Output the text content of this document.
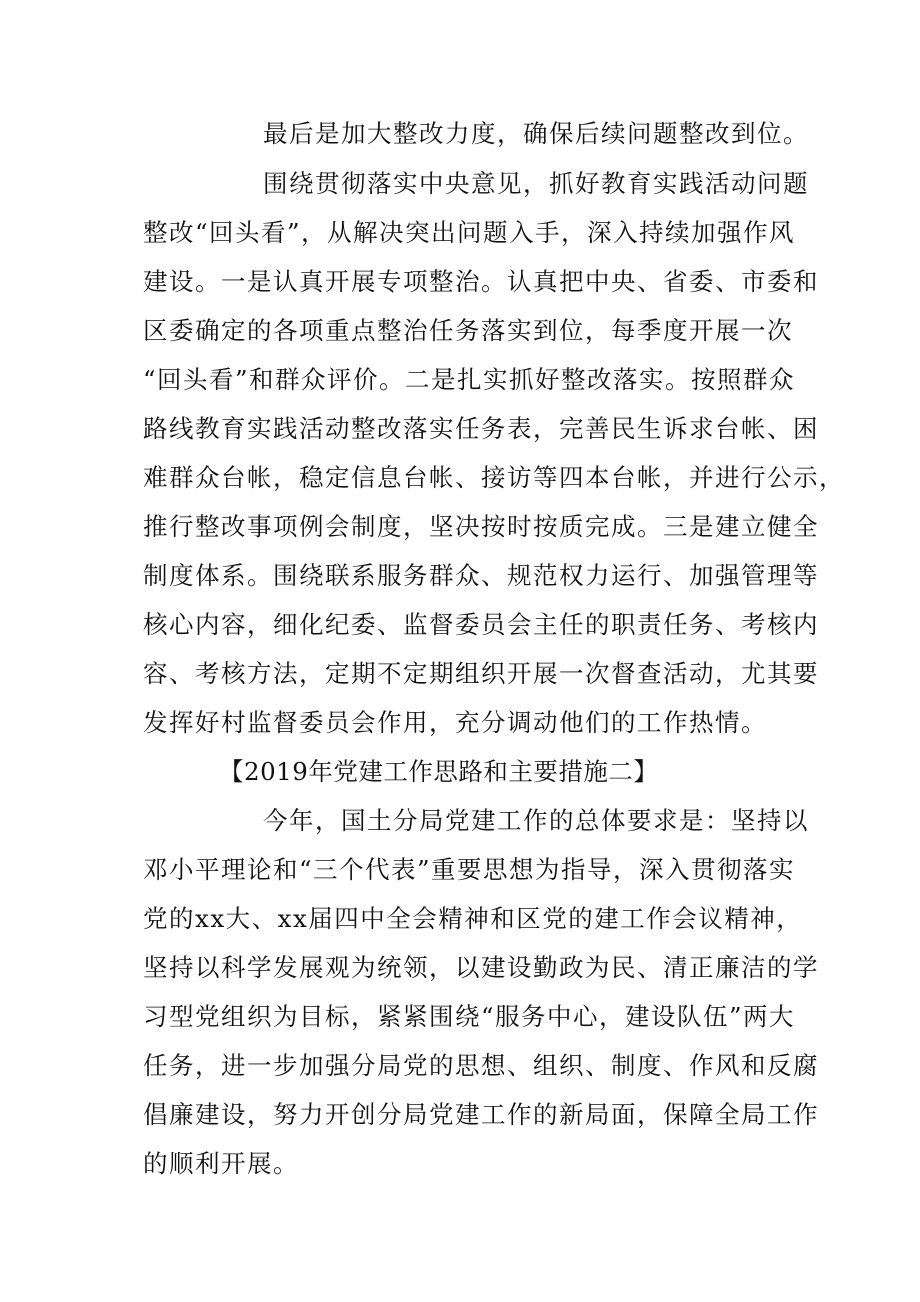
最后是加大整改力度，确保后续问题整改到位。
围绕贯彻落实中央意见，抓好教育实践活动问题
整改“回头看”，从解决突出问题入手，深入持续加强作风
建设。一是认真开展专项整治。认真把中央、省委、市委和
区委确定的各项重点整治任务落实到位，每季度开展一次
“回头看”和群众评价。二是扎实抓好整改落实。按照群众
路线教育实践活动整改落实任务表，完善民生诉求台帐、困
难群众台帐，稳定信息台帐、接访等四本台帐，并进行公示，
推行整改事项例会制度，坚决按时按质完成。三是建立健全
制度体系。围绕联系服务群众、规范权力运行、加强管理等
核心内容，细化纪委、监督委员会主任的职责任务、考核内
容、考核方法，定期不定期组织开展一次督查活动，尤其要
发挥好村监督委员会作用，充分调动他们的工作热情。
【2019年党建工作思路和主要措施二】
今年，国土分局党建工作的总体要求是：坚持以
邓小平理论和“三个代表”重要思想为指导，深入贯彻落实
党的xx大、xx届四中全会精神和区党的建工作会议精神，
坚持以科学发展观为统领，以建设勤政为民、清正廉洁的学
习型党组织为目标，紧紧围绕“服务中心，建设队伍”两大
任务，进一步加强分局党的思想、组织、制度、作风和反腐
倡廉建设，努力开创分局党建工作的新局面，保障全局工作
的顺利开展。
